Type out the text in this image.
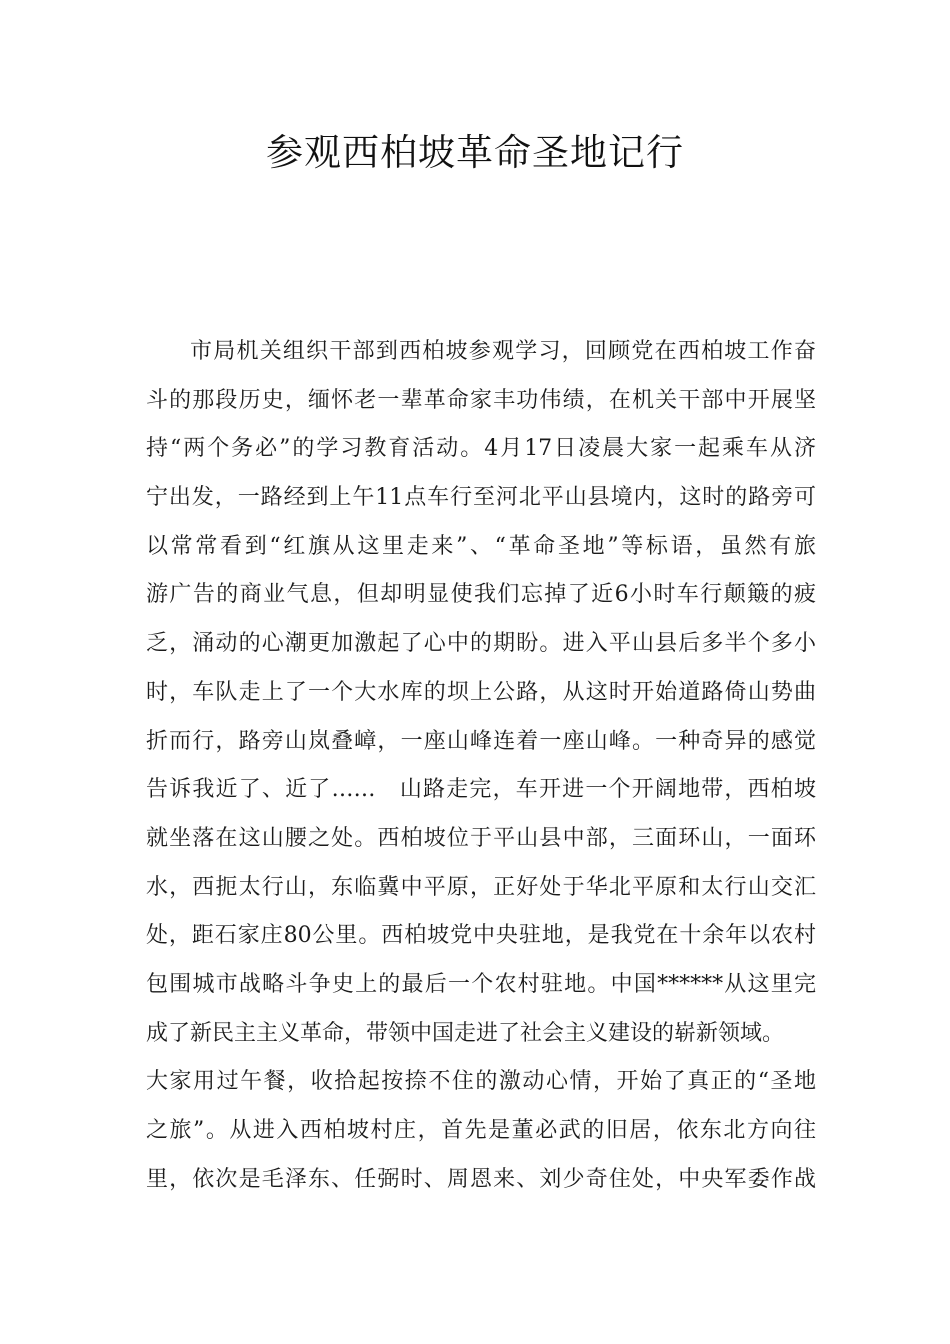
参观西柏坡革命圣地记行
市局机关组织干部到西柏坡参观学习，回顾党在西柏坡工作奋
斗的那段历史，缅怀老一辈革命家丰功伟绩，在机关干部中开展坚
持“两个务必”的学习教育活动。4月17日凌晨大家一起乘车从济
宁出发，一路经到上午11点车行至河北平山县境内，这时的路旁可
以常常看到“红旗从这里走来”、“革命圣地”等标语，虽然有旅
游广告的商业气息，但却明显使我们忘掉了近6小时车行颠簸的疲
乏，涌动的心潮更加激起了心中的期盼。进入平山县后多半个多小
时，车队走上了一个大水库的坝上公路，从这时开始道路倚山势曲
折而行，路旁山岚叠嶂，一座山峰连着一座山峰。一种奇异的感觉
告诉我近了、近了……　山路走完，车开进一个开阔地带，西柏坡
就坐落在这山腰之处。西柏坡位于平山县中部，三面环山，一面环
水，西扼太行山，东临冀中平原，正好处于华北平原和太行山交汇
处，距石家庄80公里。西柏坡党中央驻地，是我党在十余年以农村
包围城市战略斗争史上的最后一个农村驻地。中国******从这里完
成了新民主主义革命，带领中国走进了社会主义建设的崭新领域。
大家用过午餐，收拾起按捺不住的激动心情，开始了真正的“圣地
之旅”。从进入西柏坡村庄，首先是董必武的旧居，依东北方向往
里，依次是毛泽东、任弼时、周恩来、刘少奇住处，中央军委作战
